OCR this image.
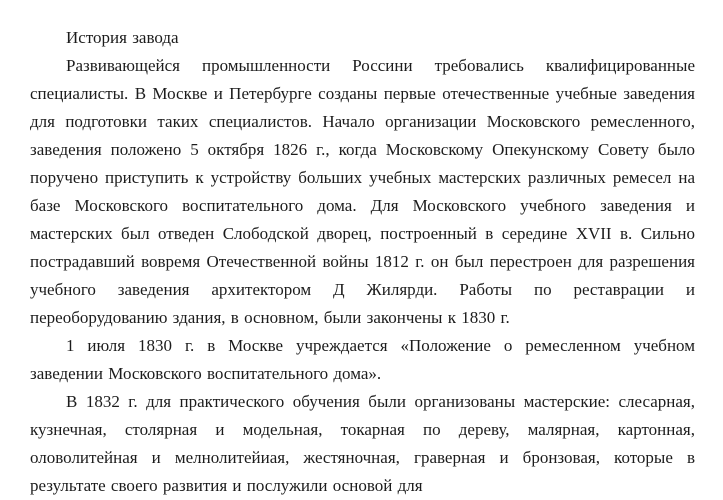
История завода

Развивающейся промышленности Россини требовались квалифицированные специалисты. В Москве и Петербурге созданы первые отечественные учебные заведения для подготовки таких специалистов. Начало организации Московского ремесленного, заведения положено 5 октября 1826 г., когда Московскому Опекунскому Совету было поручено приступить к устройству больших учебных мастерских различных ремесел на базе Московского воспитательного дома. Для Московского учебного заведения и мастерских был отведен Слободской дворец, построенный в середине XVII в. Сильно пострадавший вовремя Отечественной войны 1812 г. он был перестроен для разрешения учебного заведения архитектором Д Жилярди. Работы по реставрации и переоборудованию здания, в основном, были закончены к 1830 г.

1 июля 1830 г. в Москве учреждается «Положение о ремесленном учебном заведении Московского воспитательного дома».

В 1832 г. для практического обучения были организованы мастерские: слесарная, кузнечная, столярная и модельная, токарная по дереву, малярная, картонная, оловолитейная и мелнолитейиая, жестяночная, граверная и бронзовая, которые в результате своего развития и послужили основой для
